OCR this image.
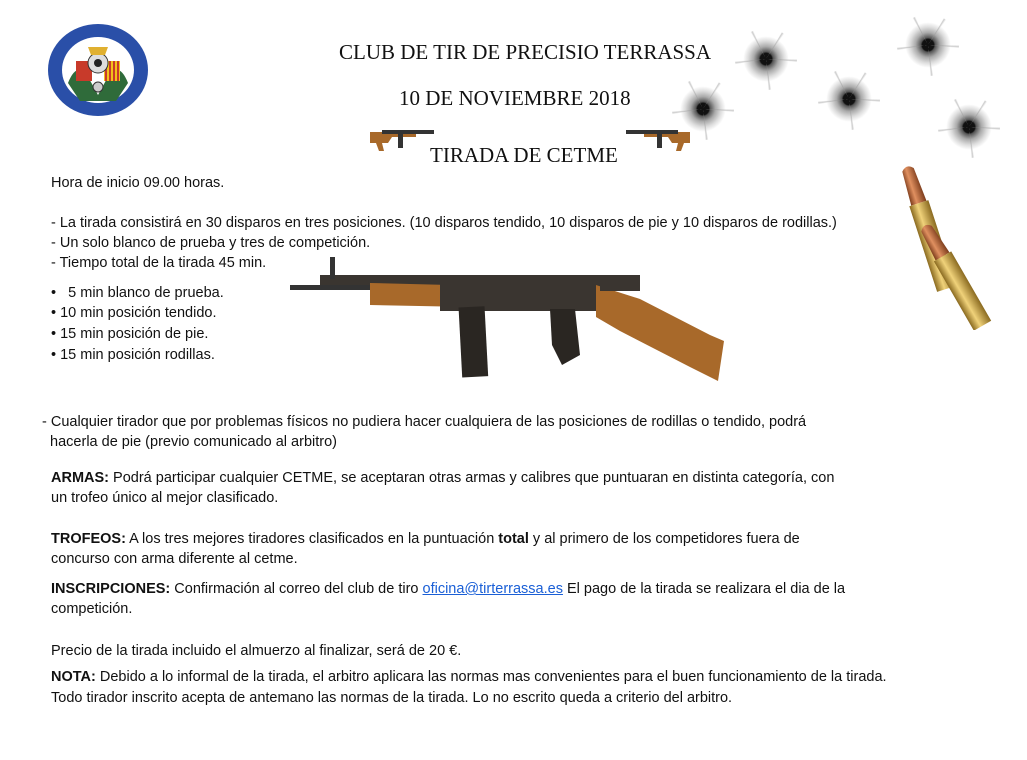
CLUB DE TIR DE PRECISIO TERRASSA
10 DE NOVIEMBRE 2018
TIRADA DE CETME
Hora de inicio 09.00 horas.
- La tirada consistirá en 30 disparos en tres posiciones. (10 disparos tendido, 10 disparos de pie y 10 disparos de rodillas.)
- Un solo blanco de prueba y tres de competición.
- Tiempo total de la tirada 45 min.
•   5 min blanco de prueba.
• 10 min posición tendido.
• 15 min posición de pie.
• 15 min posición rodillas.
- Cualquier tirador que por problemas físicos no pudiera hacer cualquiera de las posiciones de rodillas o tendido, podrá
hacerla de pie (previo comunicado al arbitro)
ARMAS: Podrá participar cualquier CETME, se aceptaran otras armas y calibres que puntuaran en distinta categoría, con
un trofeo único al mejor clasificado.
TROFEOS: A los tres mejores tiradores clasificados en la puntuación total y al primero de los competidores fuera de
concurso con arma diferente al cetme.
INSCRIPCIONES: Confirmación al correo del club de tiro oficina@tirterrassa.es El pago de la tirada se realizara el dia de la
competición.
Precio de la tirada incluido el almuerzo al finalizar, será de 20 €.
NOTA: Debido a lo informal de la tirada, el arbitro aplicara las normas mas convenientes para el buen funcionamiento de la tirada.
Todo tirador inscrito acepta de antemano las normas de la tirada. Lo no escrito queda a criterio del arbitro.
